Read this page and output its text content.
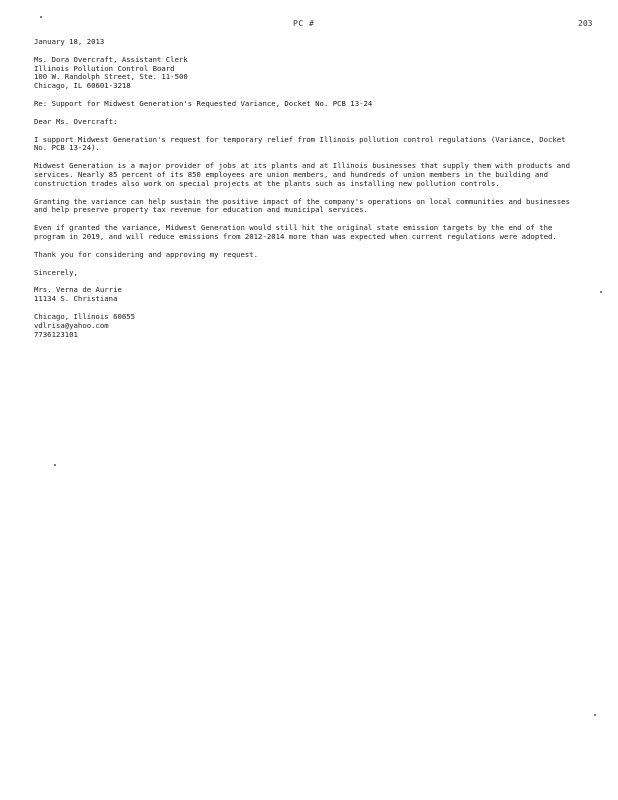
PC #	203

January 18, 2013

Ms. Dora Overcraft, Assistant Clerk

Illinois Pollution Control Board

100 W. Randolph Street, Ste. 11-500

Chicago, IL 60601-3218

Re: Support for Midwest Generation's Requested Variance, Docket No. PCB 13-24

Dear Ms. Overcraft:

I support Midwest Generation's request for temporary relief from Illinois pollution control regulations (Variance, Docket No. PCB 13-24).

Midwest Generation is a major provider of jobs at its plants and at Illinois businesses that supply them with products and services. Nearly 85 percent of its 850 employees are union members, and hundreds of union members in the building and construction trades also work on special projects at the plants such as installing new pollution controls.

Granting the variance can help sustain the positive impact of the company's operations on local communities and businesses and help preserve property tax revenue for education and municipal services.

Even if granted the variance, Midwest Generation would still hit the original state emission targets by the end of the program in 2019, and will reduce emissions from 2012-2014 more than was expected when current regulations were adopted.

Thank you for considering and approving my request.

Sincerely,

Mrs. Verna de Aurrie

11134 S. Christiana

Chicago, Illinois 60655

vdlrisa@yahoo.com

7736123101
